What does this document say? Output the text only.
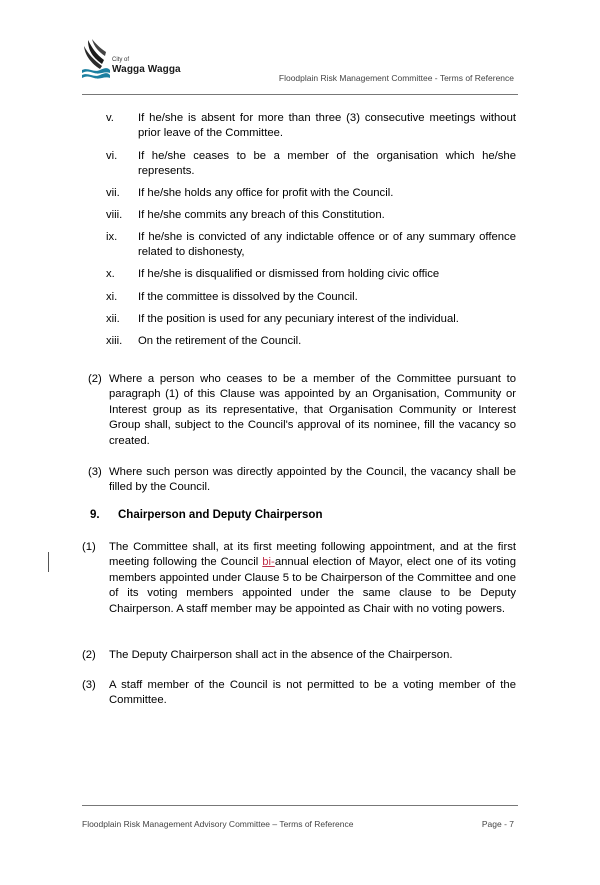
City of
Wagga Wagga
Floodplain Risk Management Committee - Terms of Reference
v. If he/she is absent for more than three (3) consecutive meetings without prior leave of the Committee.
vi. If he/she ceases to be a member of the organisation which he/she represents.
vii. If he/she holds any office for profit with the Council.
viii. If he/she commits any breach of this Constitution.
ix. If he/she is convicted of any indictable offence or of any summary offence related to dishonesty,
x. If he/she is disqualified or dismissed from holding civic office
xi. If the committee is dissolved by the Council.
xii. If the position is used for any pecuniary interest of the individual.
xiii. On the retirement of the Council.
(2) Where a person who ceases to be a member of the Committee pursuant to paragraph (1) of this Clause was appointed by an Organisation, Community or Interest group as its representative, that Organisation Community or Interest Group shall, subject to the Council's approval of its nominee, fill the vacancy so created.
(3) Where such person was directly appointed by the Council, the vacancy shall be filled by the Council.
9. Chairperson and Deputy Chairperson
(1) The Committee shall, at its first meeting following appointment, and at the first meeting following the Council bi-annual election of Mayor, elect one of its voting members appointed under Clause 5 to be Chairperson of the Committee and one of its voting members appointed under the same clause to be Deputy Chairperson. A staff member may be appointed as Chair with no voting powers.
(2) The Deputy Chairperson shall act in the absence of the Chairperson.
(3) A staff member of the Council is not permitted to be a voting member of the Committee.
Floodplain Risk Management Advisory Committee – Terms of Reference	Page - 7
